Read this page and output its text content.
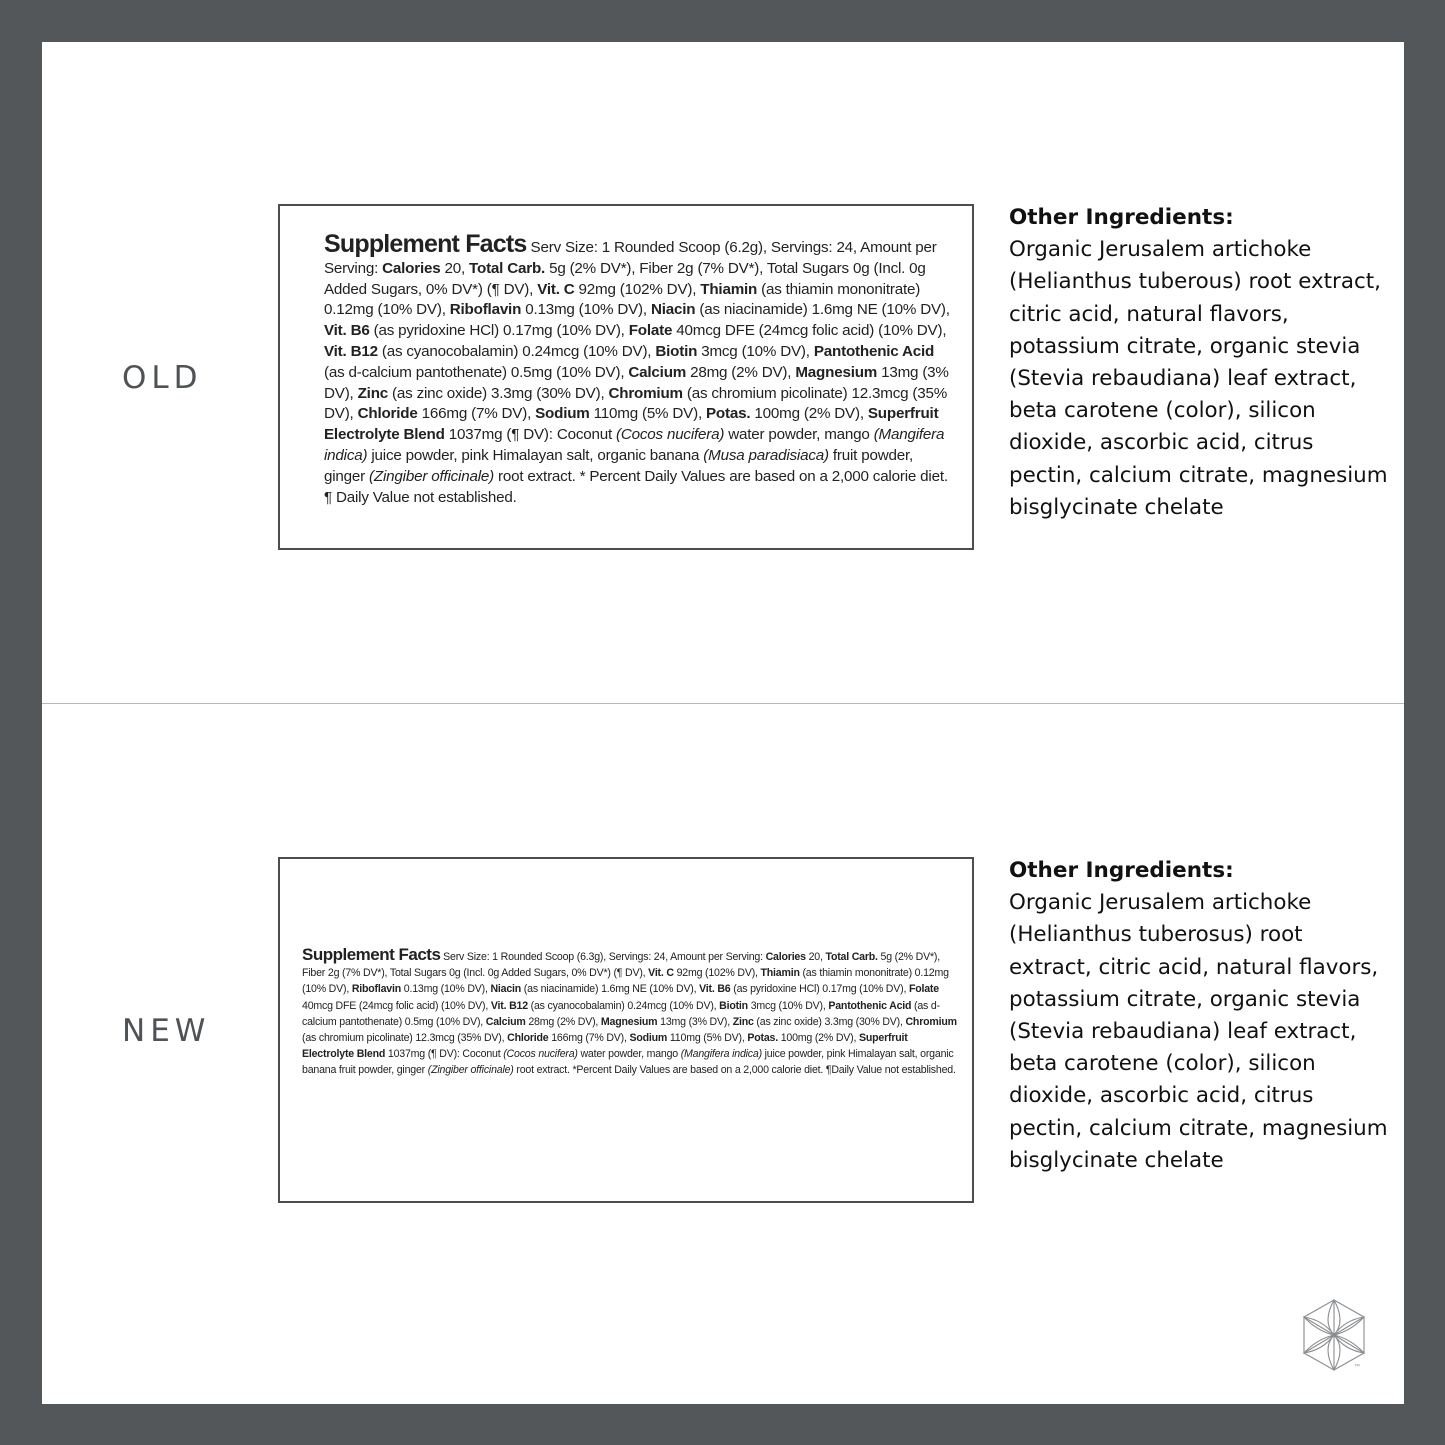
OLD
Supplement Facts Serv Size: 1 Rounded Scoop (6.2g), Servings: 24, Amount per Serving: Calories 20, Total Carb. 5g (2% DV*), Fiber 2g (7% DV*), Total Sugars 0g (Incl. 0g Added Sugars, 0% DV*) (¶ DV), Vit. C 92mg (102% DV), Thiamin (as thiamin mononitrate) 0.12mg (10% DV), Riboflavin 0.13mg (10% DV), Niacin (as niacinamide) 1.6mg NE (10% DV), Vit. B6 (as pyridoxine HCl) 0.17mg (10% DV), Folate 40mcg DFE (24mcg folic acid) (10% DV), Vit. B12 (as cyanocobalamin) 0.24mcg (10% DV), Biotin 3mcg (10% DV), Pantothenic Acid (as d-calcium pantothenate) 0.5mg (10% DV), Calcium 28mg (2% DV), Magnesium 13mg (3% DV), Zinc (as zinc oxide) 3.3mg (30% DV), Chromium (as chromium picolinate) 12.3mcg (35% DV), Chloride 166mg (7% DV), Sodium 110mg (5% DV), Potas. 100mg (2% DV), Superfruit Electrolyte Blend 1037mg (¶ DV): Coconut (Cocos nucifera) water powder, mango (Mangifera indica) juice powder, pink Himalayan salt, organic banana (Musa paradisiaca) fruit powder, ginger (Zingiber officinale) root extract. * Percent Daily Values are based on a 2,000 calorie diet. ¶ Daily Value not established.
Other Ingredients:
Organic Jerusalem artichoke (Helianthus tuberous) root extract, citric acid, natural flavors, potassium citrate, organic stevia (Stevia rebaudiana) leaf extract, beta carotene (color), silicon dioxide, ascorbic acid, citrus pectin, calcium citrate, magnesium bisglycinate chelate
NEW
Supplement Facts Serv Size: 1 Rounded Scoop (6.3g), Servings: 24, Amount per Serving: Calories 20, Total Carb. 5g (2% DV*), Fiber 2g (7% DV*), Total Sugars 0g (Incl. 0g Added Sugars, 0% DV*) (¶ DV), Vit. C 92mg (102% DV), Thiamin (as thiamin mononitrate) 0.12mg (10% DV), Riboflavin 0.13mg (10% DV), Niacin (as niacinamide) 1.6mg NE (10% DV), Vit. B6 (as pyridoxine HCl) 0.17mg (10% DV), Folate 40mcg DFE (24mcg folic acid) (10% DV), Vit. B12 (as cyanocobalamin) 0.24mcg (10% DV), Biotin 3mcg (10% DV), Pantothenic Acid (as d-calcium pantothenate) 0.5mg (10% DV), Calcium 28mg (2% DV), Magnesium 13mg (3% DV), Zinc (as zinc oxide) 3.3mg (30% DV), Chromium (as chromium picolinate) 12.3mcg (35% DV), Chloride 166mg (7% DV), Sodium 110mg (5% DV), Potas. 100mg (2% DV), Superfruit Electrolyte Blend 1037mg (¶ DV): Coconut (Cocos nucifera) water powder, mango (Mangifera indica) juice powder, pink Himalayan salt, organic banana fruit powder, ginger (Zingiber officinale) root extract. *Percent Daily Values are based on a 2,000 calorie diet. ¶Daily Value not established.
Other Ingredients:
Organic Jerusalem artichoke (Helianthus tuberosus) root extract, citric acid, natural flavors, potassium citrate, organic stevia (Stevia rebaudiana) leaf extract, beta carotene (color), silicon dioxide, ascorbic acid, citrus pectin, calcium citrate, magnesium bisglycinate chelate
™
